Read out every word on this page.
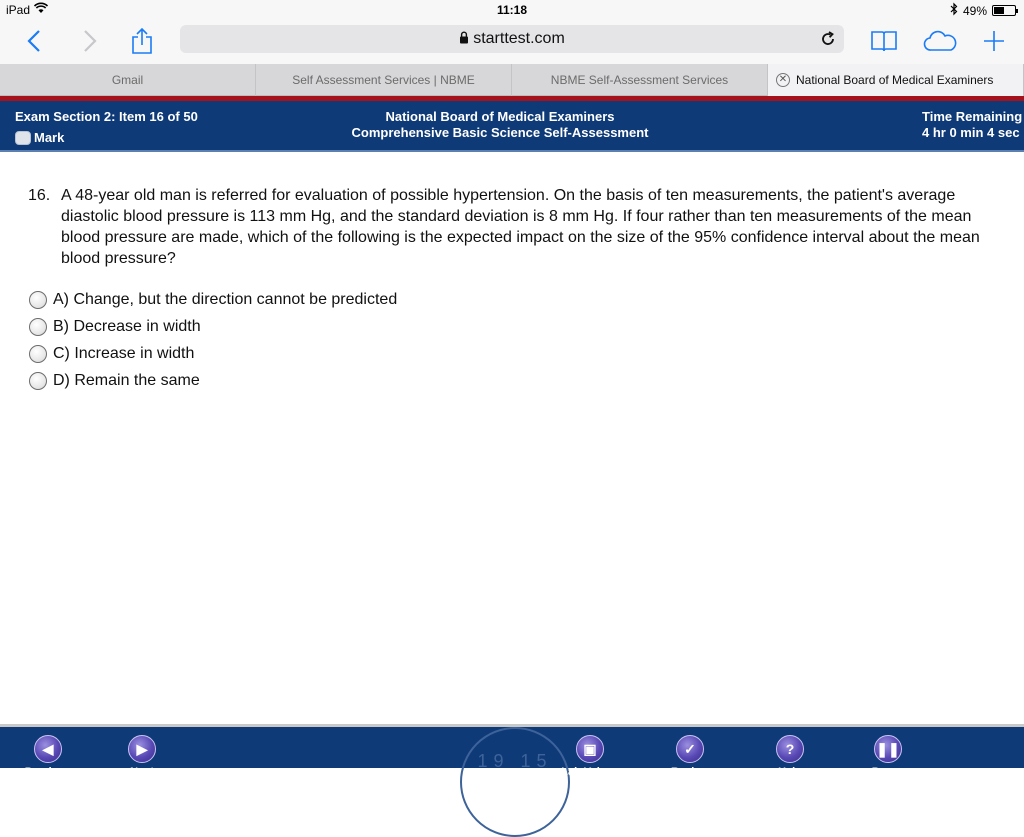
iPad	11:18	49%
starttest.com
Gmail	Self Assessment Services | NBME	NBME Self-Assessment Services	✕ National Board of Medical Examiners
Exam Section 2: Item 16 of 50
Mark
National Board of Medical Examiners
Comprehensive Basic Science Self-Assessment
Time Remaining
4 hr 0 min 4 sec
16. A 48-year old man is referred for evaluation of possible hypertension. On the basis of ten measurements, the patient's average diastolic blood pressure is 113 mm Hg, and the standard deviation is 8 mm Hg. If four rather than ten measurements of the mean blood pressure are made, which of the following is the expected impact on the size of the 95% confidence interval about the mean blood pressure?
A) Change, but the direction cannot be predicted
B) Decrease in width
C) Increase in width
D) Remain the same
19 15
◀
Previous
▶
Next
▣
Lab Values
✓
Review
?
Help
❚❚
Pause
